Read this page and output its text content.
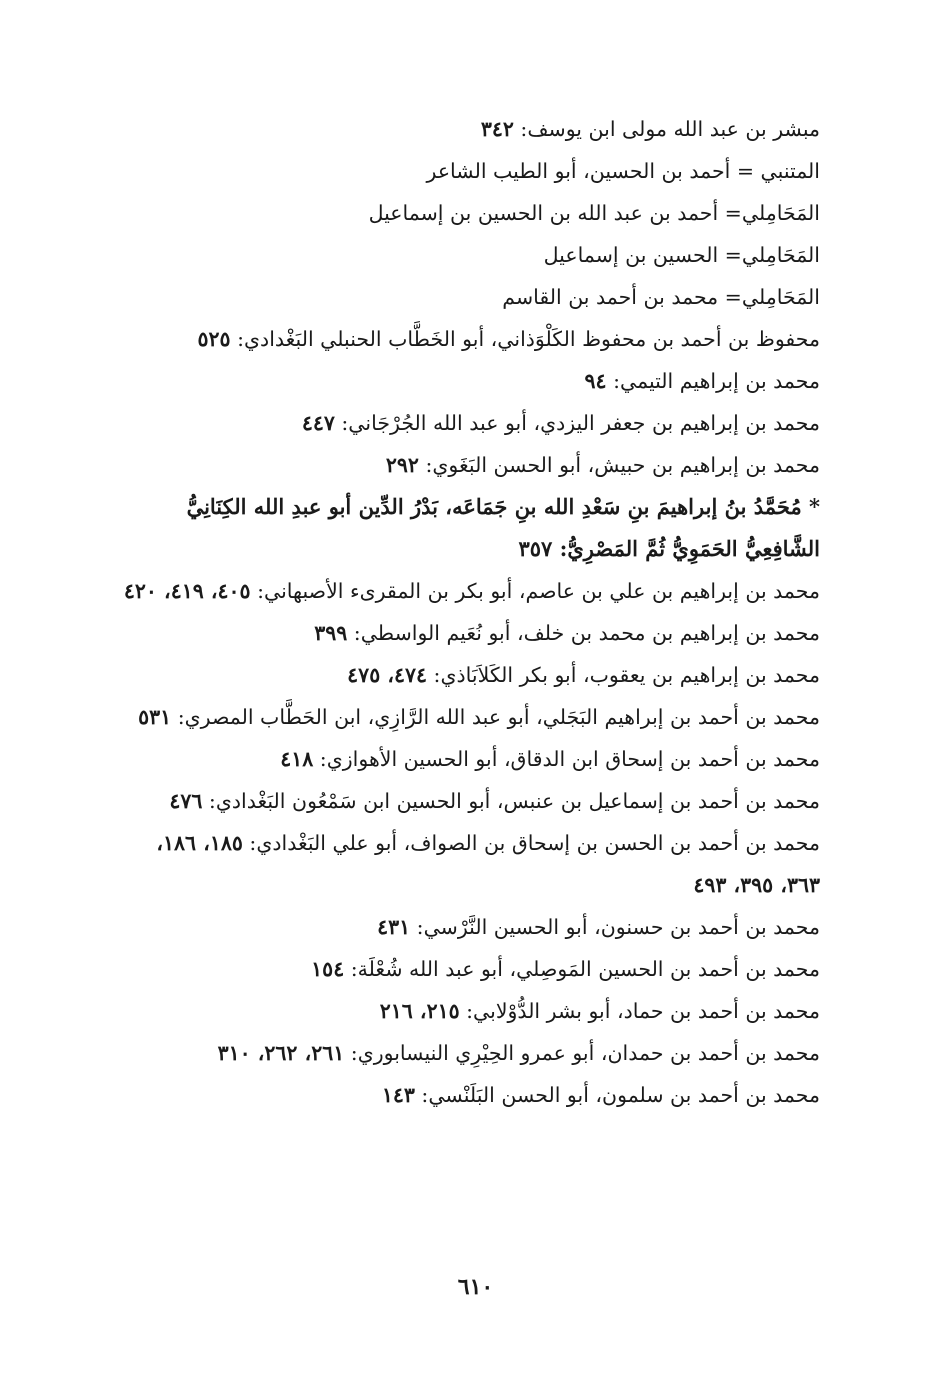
مبشر بن عبد الله مولى ابن يوسف: ٣٤٢
المتنبي = أحمد بن الحسين، أبو الطيب الشاعر
المَحَامِلي= أحمد بن عبد الله بن الحسين بن إسماعيل
المَحَامِلي= الحسين بن إسماعيل
المَحَامِلي= محمد بن أحمد بن القاسم
محفوظ بن أحمد بن محفوظ الكَلْوَذاني، أبو الخَطَّاب الحنبلي البَغْدادي: ٥٢٥
محمد بن إبراهيم التيمي: ٩٤
محمد بن إبراهيم بن جعفر اليزدي، أبو عبد الله الجُرْجَاني: ٤٤٧
محمد بن إبراهيم بن حبيش، أبو الحسن البَغَوي: ٢٩٢
* مُحَمَّدُ بنُ إبراهيمَ بنِ سَعْدِ الله بنِ جَمَاعَه، بَدْرُ الدِّين أبو عبدِ الله الكِنَانِيُّ الشَّافِعِيُّ الحَمَوِيُّ ثُمَّ المَصْرِيُّ: ٣٥٧
محمد بن إبراهيم بن علي بن عاصم، أبو بكر بن المقرىء الأصبهاني: ٤٠٥، ٤١٩، ٤٢٠
محمد بن إبراهيم بن محمد بن خلف، أبو نُعَيم الواسطي: ٣٩٩
محمد بن إبراهيم بن يعقوب، أبو بكر الكَلاَبَاذي: ٤٧٤، ٤٧٥
محمد بن أحمد بن إبراهيم البَجَلي، أبو عبد الله الرَّازِي، ابن الحَطَّاب المصري: ٥٣١
محمد بن أحمد بن إسحاق ابن الدقاق، أبو الحسين الأهوازي: ٤١٨
محمد بن أحمد بن إسماعيل بن عنبس، أبو الحسين ابن سَمْعُون البَغْدادي: ٤٧٦
محمد بن أحمد بن الحسن بن إسحاق بن الصواف، أبو علي البَغْدادي: ١٨٥، ١٨٦، ٣٦٣، ٣٩٥، ٤٩٣
محمد بن أحمد بن حسنون، أبو الحسين النَّرْسي: ٤٣١
محمد بن أحمد بن الحسين المَوصِلي، أبو عبد الله شُعْلَة: ١٥٤
محمد بن أحمد بن حماد، أبو بشر الدُّوْلابي: ٢١٥، ٢١٦
محمد بن أحمد بن حمدان، أبو عمرو الحِيْرِي النيسابوري: ٢٦١، ٢٦٢، ٣١٠
محمد بن أحمد بن سلمون، أبو الحسن البَلَنْسي: ١٤٣
٦١٠
